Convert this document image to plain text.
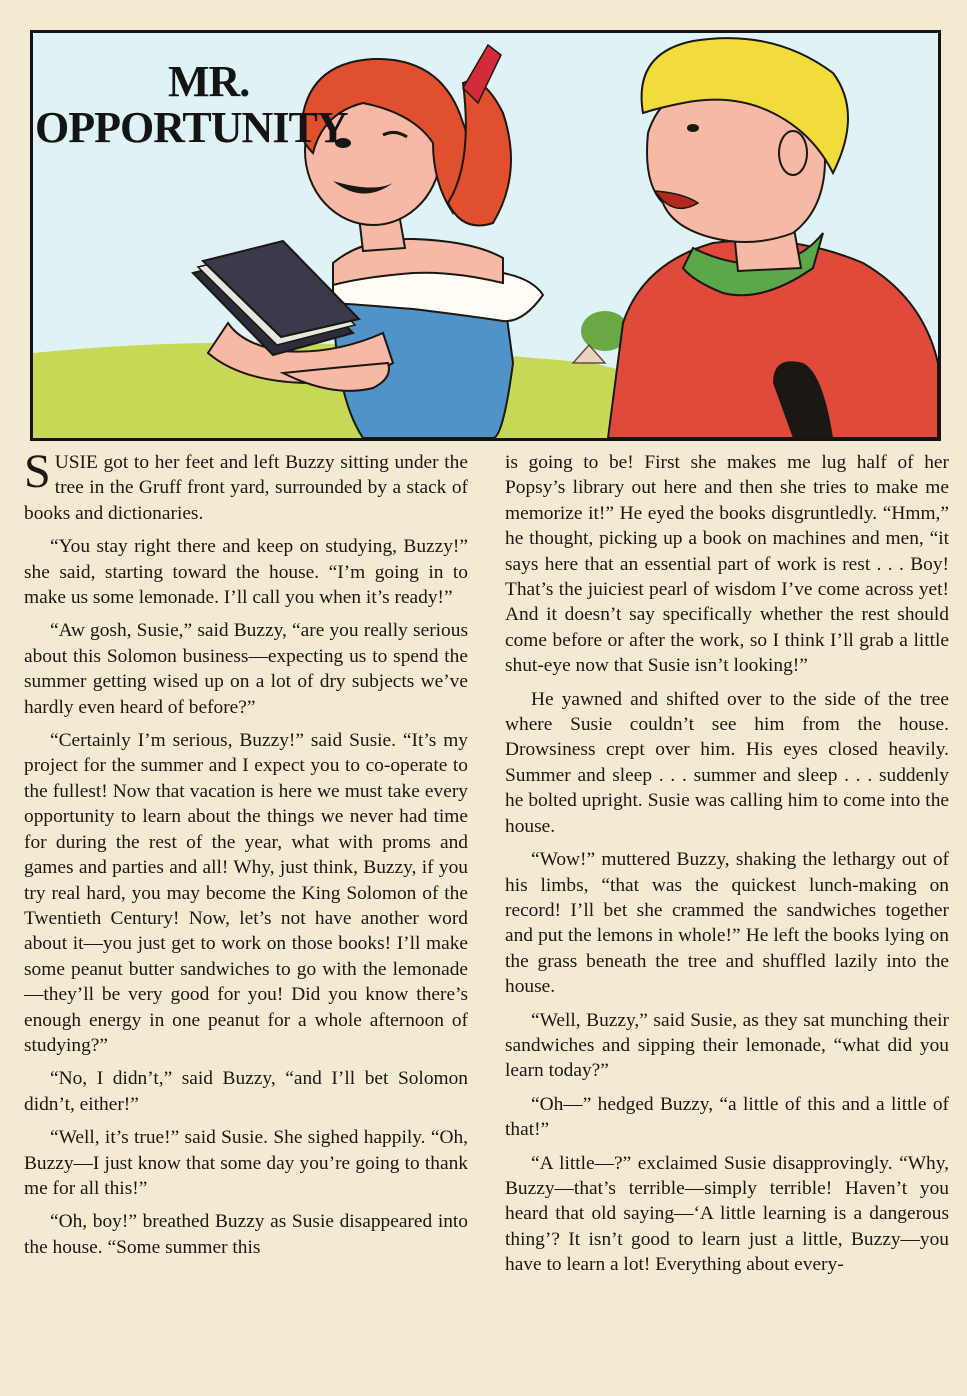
MR.
OPPORTUNITY

SUSIE got to her feet and left Buzzy sitting under the tree in the Gruff front yard, surrounded by a stack of books and dictionaries.

“You stay right there and keep on studying, Buzzy!” she said, starting toward the house. “I’m going in to make us some lemonade. I’ll call you when it’s ready!”

“Aw gosh, Susie,” said Buzzy, “are you really serious about this Solomon business—expecting us to spend the summer getting wised up on a lot of dry subjects we’ve hardly even heard of before?”

“Certainly I’m serious, Buzzy!” said Susie. “It’s my project for the summer and I expect you to co-operate to the fullest! Now that vacation is here we must take every opportunity to learn about the things we never had time for during the rest of the year, what with proms and games and parties and all! Why, just think, Buzzy, if you try real hard, you may become the King Solomon of the Twentieth Century! Now, let’s not have another word about it—you just get to work on those books! I’ll make some peanut butter sandwiches to go with the lemonade—they’ll be very good for you! Did you know there’s enough energy in one peanut for a whole afternoon of studying?”

“No, I didn’t,” said Buzzy, “and I’ll bet Solomon didn’t, either!”

“Well, it’s true!” said Susie. She sighed happily. “Oh, Buzzy—I just know that some day you’re going to thank me for all this!”

“Oh, boy!” breathed Buzzy as Susie disappeared into the house. “Some summer this

is going to be! First she makes me lug half of her Popsy’s library out here and then she tries to make me memorize it!” He eyed the books disgruntledly. “Hmm,” he thought, picking up a book on machines and men, “it says here that an essential part of work is rest . . . Boy! That’s the juiciest pearl of wisdom I’ve come across yet! And it doesn’t say specifically whether the rest should come before or after the work, so I think I’ll grab a little shut-eye now that Susie isn’t looking!”

He yawned and shifted over to the side of the tree where Susie couldn’t see him from the house. Drowsiness crept over him. His eyes closed heavily. Summer and sleep . . . summer and sleep . . . suddenly he bolted upright. Susie was calling him to come into the house.

“Wow!” muttered Buzzy, shaking the lethargy out of his limbs, “that was the quickest lunch-making on record! I’ll bet she crammed the sandwiches together and put the lemons in whole!” He left the books lying on the grass beneath the tree and shuffled lazily into the house.

“Well, Buzzy,” said Susie, as they sat munching their sandwiches and sipping their lemonade, “what did you learn today?”

“Oh—” hedged Buzzy, “a little of this and a little of that!”

“A little—?” exclaimed Susie disapprovingly. “Why, Buzzy—that’s terrible—simply terrible! Haven’t you heard that old saying—‘A little learning is a dangerous thing’? It isn’t good to learn just a little, Buzzy—you have to learn a lot! Everything about every-
